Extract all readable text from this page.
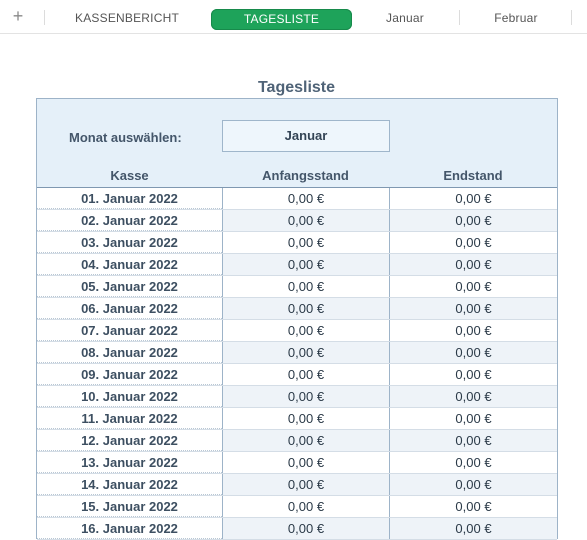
+	KASSENBERICHT	TAGESLISTE	Januar	Februar
Tagesliste
Monat auswählen:	Januar
Kasse	Anfangsstand	Endstand
01. Januar 2022	0,00 €	0,00 €
02. Januar 2022	0,00 €	0,00 €
03. Januar 2022	0,00 €	0,00 €
04. Januar 2022	0,00 €	0,00 €
05. Januar 2022	0,00 €	0,00 €
06. Januar 2022	0,00 €	0,00 €
07. Januar 2022	0,00 €	0,00 €
08. Januar 2022	0,00 €	0,00 €
09. Januar 2022	0,00 €	0,00 €
10. Januar 2022	0,00 €	0,00 €
11. Januar 2022	0,00 €	0,00 €
12. Januar 2022	0,00 €	0,00 €
13. Januar 2022	0,00 €	0,00 €
14. Januar 2022	0,00 €	0,00 €
15. Januar 2022	0,00 €	0,00 €
16. Januar 2022	0,00 €	0,00 €
